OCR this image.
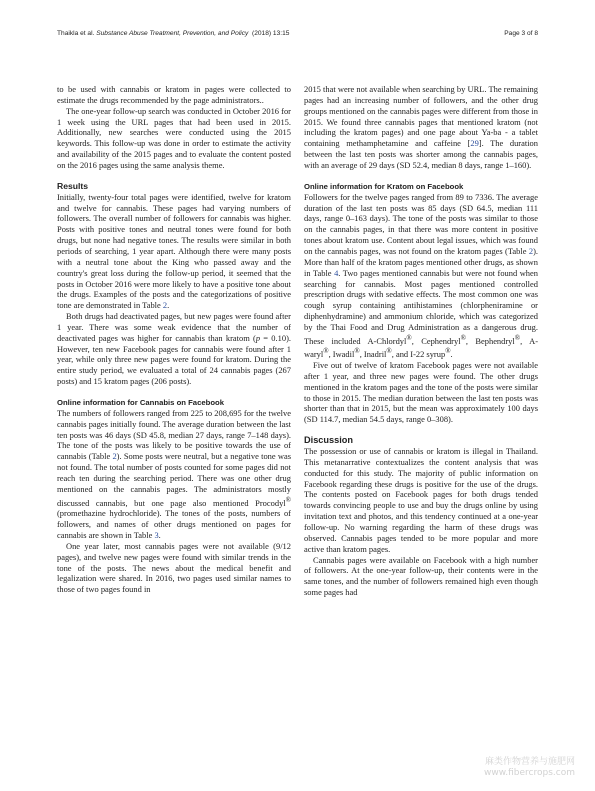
Thaikla et al. Substance Abuse Treatment, Prevention, and Policy (2018) 13:15	Page 3 of 8

to be used with cannabis or kratom in pages were collected to estimate the drugs recommended by the page administrators..

The one-year follow-up search was conducted in October 2016 for 1 week using the URL pages that had been used in 2015. Additionally, new searches were conducted using the 2015 keywords. This follow-up was done in order to estimate the activity and availability of the 2015 pages and to evaluate the content posted on the 2016 pages using the same analysis theme.

Results

Initially, twenty-four total pages were identified, twelve for kratom and twelve for cannabis. These pages had varying numbers of followers. The overall number of followers for cannabis was higher. Posts with positive tones and neutral tones were found for both drugs, but none had negative tones. The results were similar in both periods of searching, 1 year apart. Although there were many posts with a neutral tone about the King who passed away and the country's great loss during the follow-up period, it seemed that the posts in October 2016 were more likely to have a positive tone about the drugs. Examples of the posts and the categorizations of positive tone are demonstrated in Table 2.

Both drugs had deactivated pages, but new pages were found after 1 year. There was some weak evidence that the number of deactivated pages was higher for cannabis than kratom (p = 0.10). However, ten new Facebook pages for cannabis were found after 1 year, while only three new pages were found for kratom. During the entire study period, we evaluated a total of 24 cannabis pages (267 posts) and 15 kratom pages (206 posts).

Online information for Cannabis on Facebook

The numbers of followers ranged from 225 to 208,695 for the twelve cannabis pages initially found. The average duration between the last ten posts was 46 days (SD 45.8, median 27 days, range 7–148 days). The tone of the posts was likely to be positive towards the use of cannabis (Table 2). Some posts were neutral, but a negative tone was not found. The total number of posts counted for some pages did not reach ten during the searching period. There was one other drug mentioned on the cannabis pages. The administrators mostly discussed cannabis, but one page also mentioned Procodyl® (promethazine hydrochloride). The tones of the posts, numbers of followers, and names of other drugs mentioned on pages for cannabis are shown in Table 3.

One year later, most cannabis pages were not available (9/12 pages), and twelve new pages were found with similar trends in the tone of the posts. The news about the medical benefit and legalization were shared. In 2016, two pages used similar names to those of two pages found in

2015 that were not available when searching by URL. The remaining pages had an increasing number of followers, and the other drug groups mentioned on the cannabis pages were different from those in 2015. We found three cannabis pages that mentioned kratom (not including the kratom pages) and one page about Ya-ba - a tablet containing methamphetamine and caffeine [29]. The duration between the last ten posts was shorter among the cannabis pages, with an average of 29 days (SD 52.4, median 8 days, range 1–160).

Online information for Kratom on Facebook

Followers for the twelve pages ranged from 89 to 7336. The average duration of the last ten posts was 85 days (SD 64.5, median 111 days, range 0–163 days). The tone of the posts was similar to those on the cannabis pages, in that there was more content in positive tones about kratom use. Content about legal issues, which was found on the cannabis pages, was not found on the kratom pages (Table 2). More than half of the kratom pages mentioned other drugs, as shown in Table 4. Two pages mentioned cannabis but were not found when searching for cannabis. Most pages mentioned controlled prescription drugs with sedative effects. The most common one was cough syrup containing antihistamines (chlorpheniramine or diphenhydramine) and ammonium chloride, which was categorized by the Thai Food and Drug Administration as a dangerous drug. These included A-Chlordyl®, Cephendryl®, Bephendryl®, A-waryl®, Iwadil®, Inadril®, and I-22 syrup®.

Five out of twelve of kratom Facebook pages were not available after 1 year, and three new pages were found. The other drugs mentioned in the kratom pages and the tone of the posts were similar to those in 2015. The median duration between the last ten posts was shorter than that in 2015, but the mean was approximately 100 days (SD 114.7, median 54.5 days, range 0–308).

Discussion

The possession or use of cannabis or kratom is illegal in Thailand. This metanarrative contextualizes the content analysis that was conducted for this study. The majority of public information on Facebook regarding these drugs is positive for the use of the drugs. The contents posted on Facebook pages for both drugs tended towards convincing people to use and buy the drugs online by using invitation text and photos, and this tendency continued at a one-year follow-up. No warning regarding the harm of these drugs was observed. Cannabis pages tended to be more popular and more active than kratom pages.

Cannabis pages were available on Facebook with a high number of followers. At the one-year follow-up, their contents were in the same tones, and the number of followers remained high even though some pages had

麻类作物营养与施肥网
www.fibercrops.com
